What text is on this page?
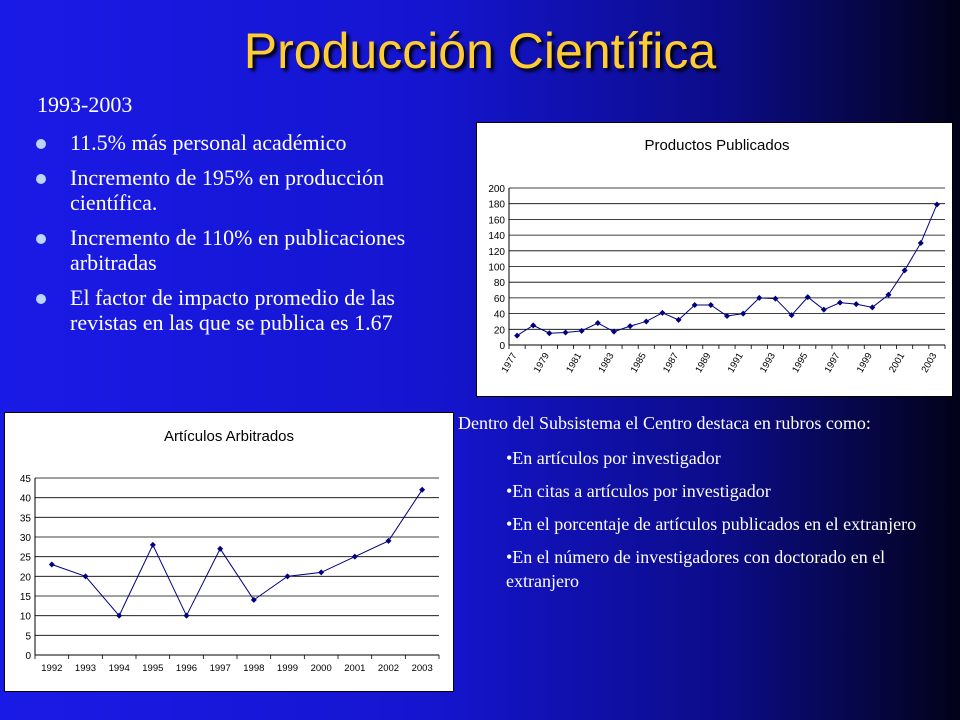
Producción Científica
1993-2003
11.5% más personal académico
Incremento de 195% en producción científica.
Incremento de 110% en publicaciones arbitradas
El factor de impacto promedio de las revistas en las que se publica es 1.67
Productos Publicados
0
20
40
60
80
100
120
140
160
180
200
1977 1979 1981 1983 1985 1987 1989 1991 1993 1995 1997 1999 2001 2003
Artículos Arbitrados
0
5
10
15
20
25
30
35
40
45
1992 1993 1994 1995 1996 1997 1998 1999 2000 2001 2002 2003

Dentro del Subsistema el Centro destaca en rubros como:

•En artículos por investigador
•En citas a artículos por investigador
•En el porcentaje de artículos publicados en el extranjero
•En el número de investigadores con doctorado en el extranjero
